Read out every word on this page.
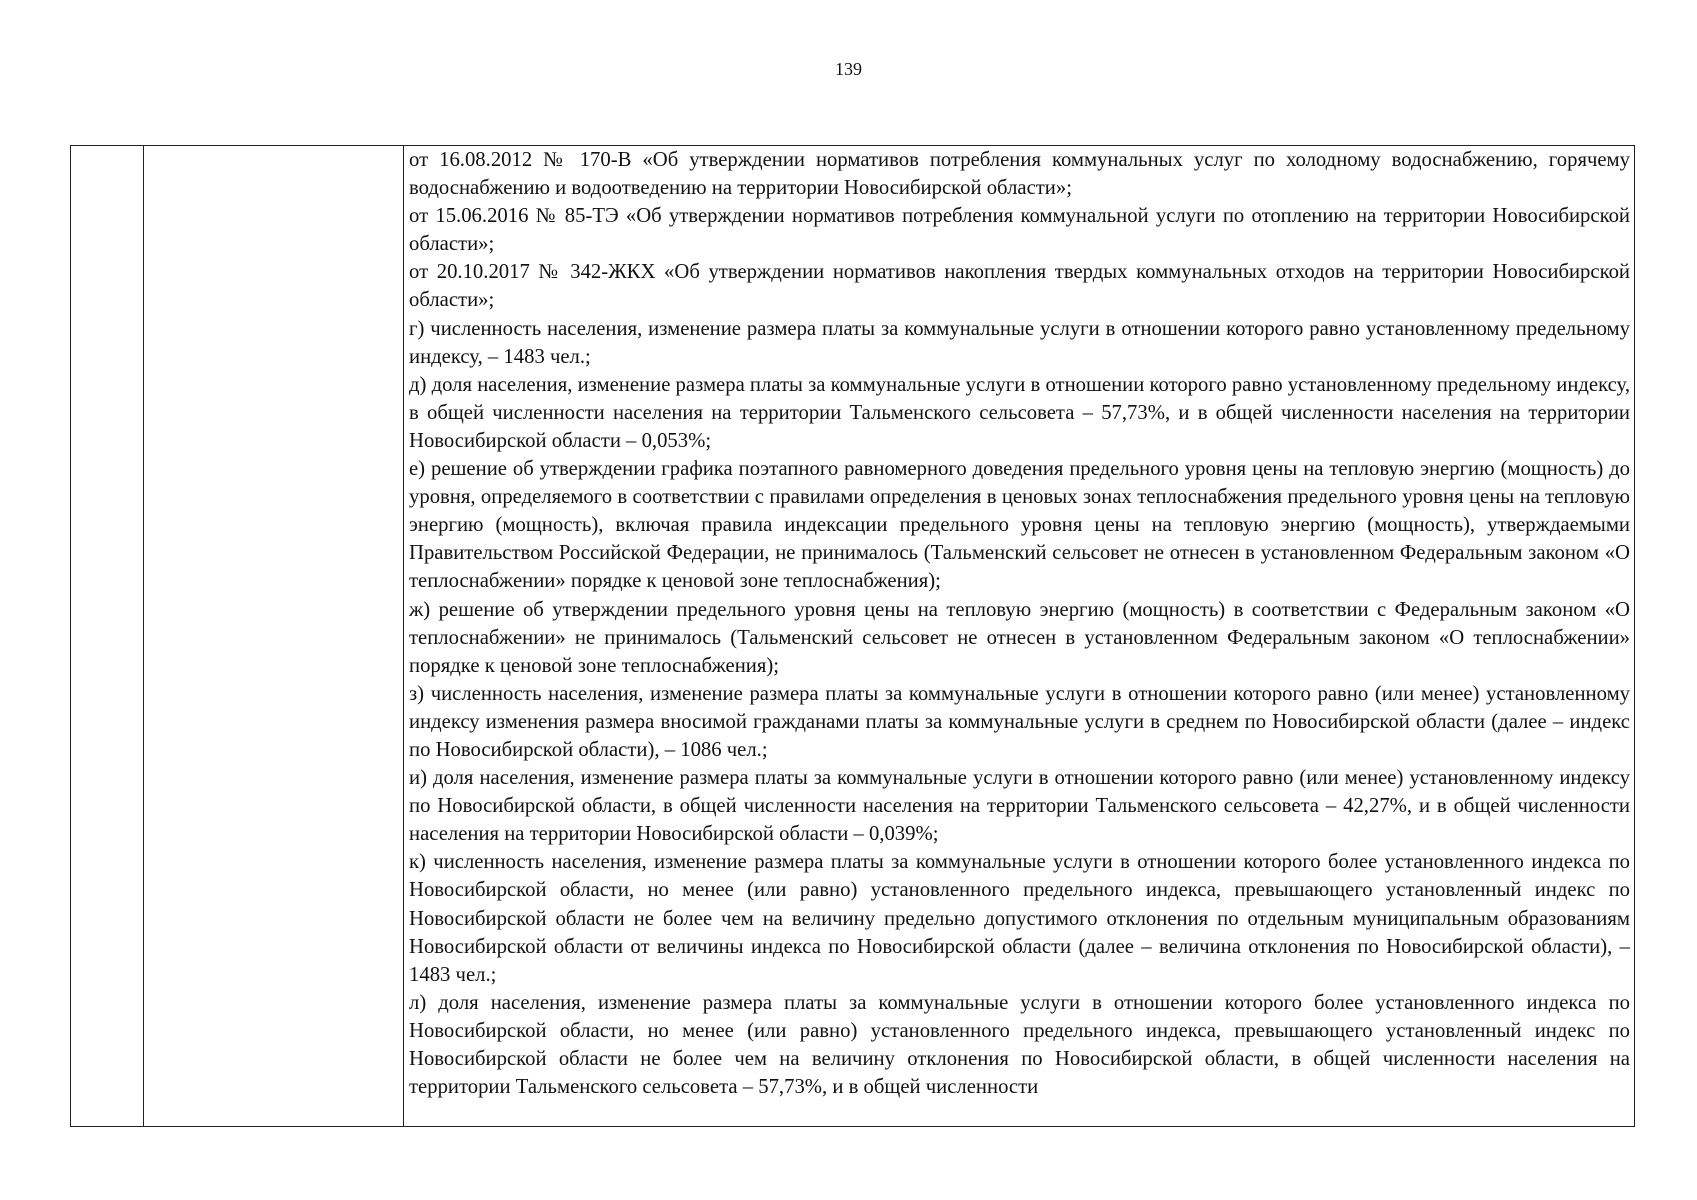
139

от 16.08.2012 № 170-В «Об утверждении нормативов потребления коммунальных услуг по холодному водоснабжению, горячему водоснабжению и водоотведению на территории Новосибирской области»;

от 15.06.2016 № 85-ТЭ «Об утверждении нормативов потребления коммунальной услуги по отоплению на территории Новосибирской области»;

от 20.10.2017 № 342-ЖКХ «Об утверждении нормативов накопления твердых коммунальных отходов на территории Новосибирской области»;

г) численность населения, изменение размера платы за коммунальные услуги в отношении которого равно установленному предельному индексу, – 1483 чел.;

д) доля населения, изменение размера платы за коммунальные услуги в отношении которого равно установленному предельному индексу, в общей численности населения на территории Тальменского сельсовета – 57,73%, и в общей численности населения на территории Новосибирской области – 0,053%;

е) решение об утверждении графика поэтапного равномерного доведения предельного уровня цены на тепловую энергию (мощность) до уровня, определяемого в соответствии с правилами определения в ценовых зонах теплоснабжения предельного уровня цены на тепловую энергию (мощность), включая правила индексации предельного уровня цены на тепловую энергию (мощность), утверждаемыми Правительством Российской Федерации, не принималось (Тальменский сельсовет не отнесен в установленном Федеральным законом «О теплоснабжении» порядке к ценовой зоне теплоснабжения);

ж) решение об утверждении предельного уровня цены на тепловую энергию (мощность) в соответствии с Федеральным законом «О теплоснабжении» не принималось (Тальменский сельсовет не отнесен в установленном Федеральным законом «О теплоснабжении» порядке к ценовой зоне теплоснабжения);

з) численность населения, изменение размера платы за коммунальные услуги в отношении которого равно (или менее) установленному индексу изменения размера вносимой гражданами платы за коммунальные услуги в среднем по Новосибирской области (далее – индекс по Новосибирской области), – 1086 чел.;

и) доля населения, изменение размера платы за коммунальные услуги в отношении которого равно (или менее) установленному индексу по Новосибирской области, в общей численности населения на территории Тальменского сельсовета – 42,27%, и в общей численности населения на территории Новосибирской области – 0,039%;

к) численность населения, изменение размера платы за коммунальные услуги в отношении которого более установленного индекса по Новосибирской области, но менее (или равно) установленного предельного индекса, превышающего установленный индекс по Новосибирской области не более чем на величину предельно допустимого отклонения по отдельным муниципальным образованиям Новосибирской области от величины индекса по Новосибирской области (далее – величина отклонения по Новосибирской области), – 1483 чел.;

л) доля населения, изменение размера платы за коммунальные услуги в отношении которого более установленного индекса по Новосибирской области, но менее (или равно) установленного предельного индекса, превышающего установленный индекс по Новосибирской области не более чем на величину отклонения по Новосибирской области, в общей численности населения на территории Тальменского сельсовета – 57,73%, и в общей численности
